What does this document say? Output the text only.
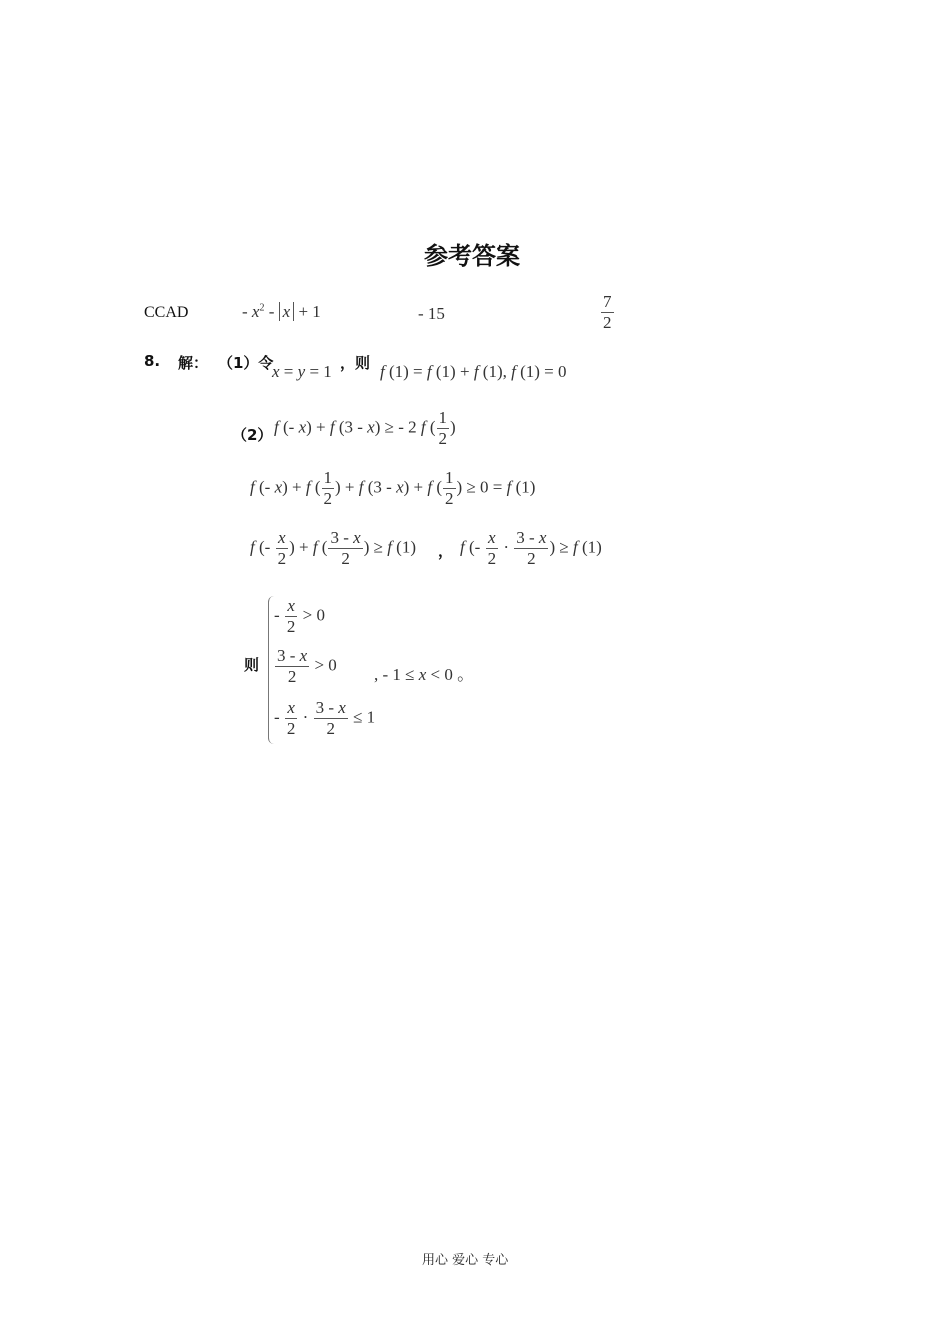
参考答案
CCAD	- $x^2 - x + 1$	- 15	$\frac{7}{2}$
8. 解： （1）令
x = y = 1 ，则 f (1) = f (1) + f (1), f (1) = 0
（2） f (- x) + f (3 - x) ≥ - 2 f ( $\frac{1}{2}$ )
f (- x) + f ( $\frac{1}{2}$ ) + f (3 - x) + f ( $\frac{1}{2}$ ) ≥ 0 = f (1)
f (- $\frac{x}{2}$ ) + f ( $\frac{3 - x}{2}$ ) ≥ f (1) ， f (- $\frac{x}{2} \cdot \frac{3 - x}{2}$ ) ≥ f (1)
则
- $\frac{x}{2} > 0$
$\frac{3 - x}{2} > 0$
- $\frac{x}{2} \cdot \frac{3 - x}{2} \le 1$
, - 1 ≤ x < 0 。
用心 爱心 专心
